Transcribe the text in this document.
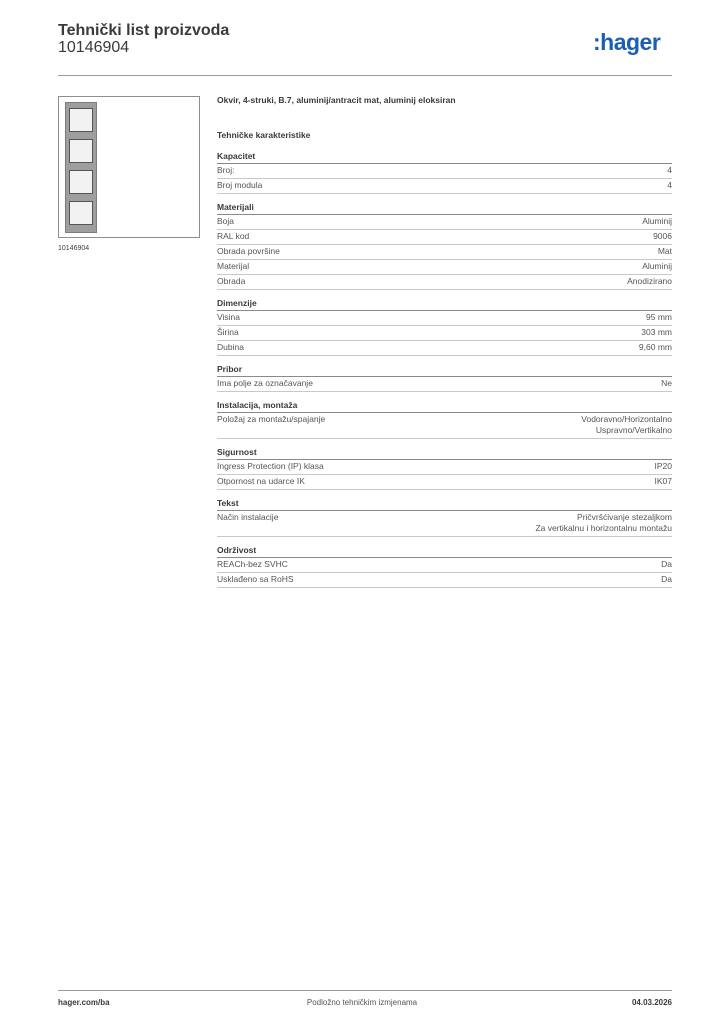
Tehnički list proizvoda
10146904	:hager
10146904
Okvir, 4-struki, B.7, aluminij/antracit mat, aluminij eloksiran
Tehničke karakteristike
Kapacitet
Broj:	4
Broj modula	4
Materijali
Boja	Aluminij
RAL kod	9006
Obrada površine	Mat
Materijal	Aluminij
Obrada	Anodizirano
Dimenzije
Visina	95 mm
Širina	303 mm
Dubina	9,60 mm
Pribor
Ima polje za označavanje	Ne
Instalacija, montaža
Položaj za montažu/spajanje	Vodoravno/Horizontalno
Uspravno/Vertikalno
Sigurnost
Ingress Protection (IP) klasa	IP20
Otpornost na udarce IK	IK07
Tekst
Način instalacije	Pričvršćivanje stezaljkom
Za vertikalnu i horizontalnu montažu
Održivost
REACh-bez SVHC	Da
Usklađeno sa RoHS	Da
hager.com/ba	Podložno tehničkim izmjenama	04.03.2026
